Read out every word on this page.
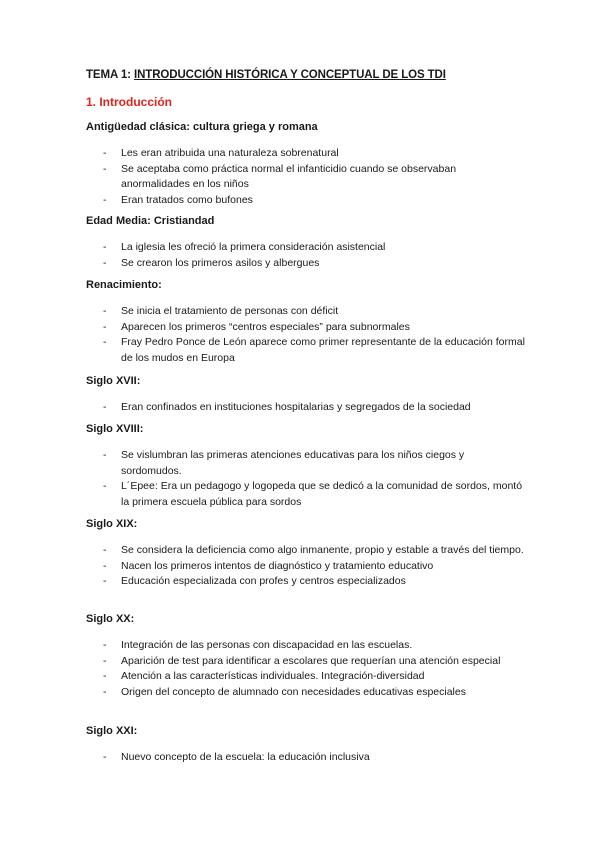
TEMA 1: INTRODUCCIÓN HISTÓRICA Y CONCEPTUAL DE LOS TDI
1. Introducción

Antigüedad clásica: cultura griega y romana

- Les eran atribuida una naturaleza sobrenatural
- Se aceptaba como práctica normal el infanticidio cuando se observaban anormalidades en los niños
- Eran tratados como bufones

Edad Media: Cristiandad

- La iglesia les ofreció la primera consideración asistencial
- Se crearon los primeros asilos y albergues

Renacimiento:

- Se inicia el tratamiento de personas con déficit
- Aparecen los primeros “centros especiales” para subnormales
- Fray Pedro Ponce de León aparece como primer representante de la educación formal de los mudos en Europa

Siglo XVII:

- Eran confinados en instituciones hospitalarias y segregados de la sociedad

Siglo XVIII:

- Se vislumbran las primeras atenciones educativas para los niños ciegos y sordomudos.
- L´Epee: Era un pedagogo y logopeda que se dedicó a la comunidad de sordos, montó la primera escuela pública para sordos

Siglo XIX:

- Se considera la deficiencia como algo inmanente, propio y estable a través del tiempo.
- Nacen los primeros intentos de diagnóstico y tratamiento educativo
- Educación especializada con profes y centros especializados

Siglo XX:

- Integración de las personas con discapacidad en las escuelas.
- Aparición de test para identificar a escolares que requerían una atención especial
- Atención a las características individuales. Integración-diversidad
- Origen del concepto de alumnado con necesidades educativas especiales

Siglo XXI:

- Nuevo concepto de la escuela: la educación inclusiva
